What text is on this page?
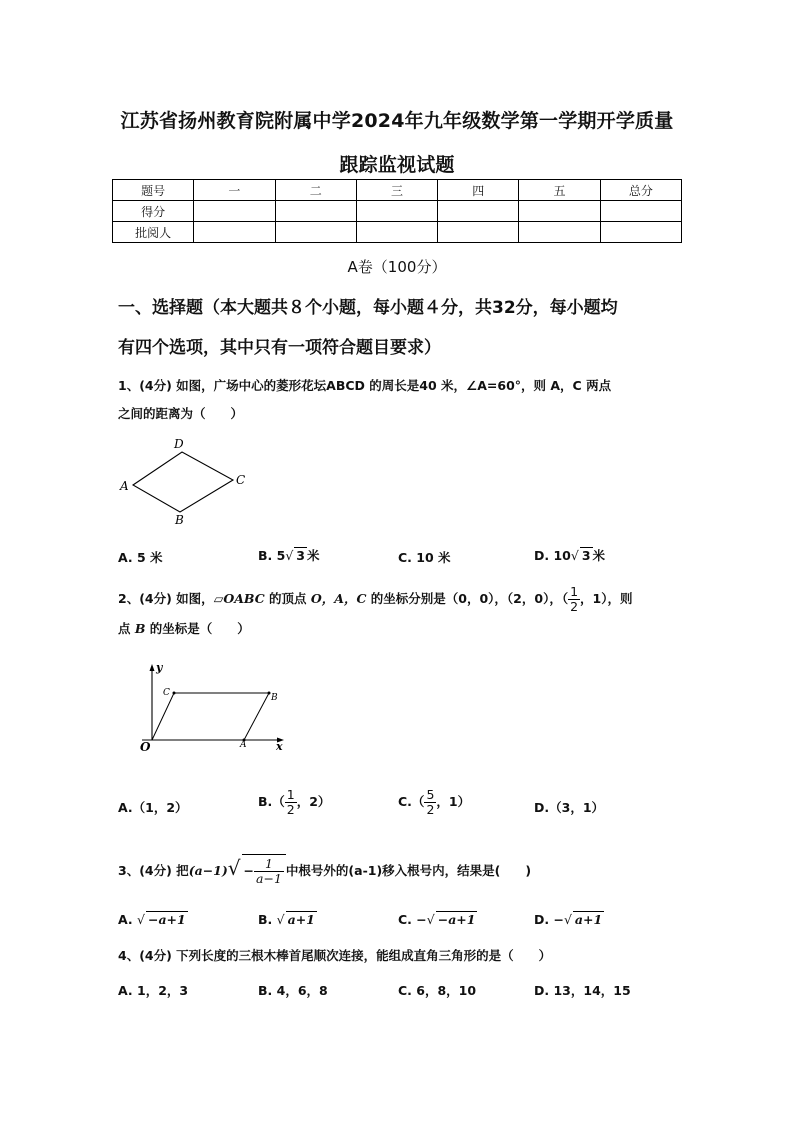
江苏省扬州教育院附属中学2024年九年级数学第一学期开学质量
跟踪监视试题
题号	一	二	三	四	五	总分
得分						
批阅人						
A卷（100分）
一、选择题（本大题共８个小题，每小题４分，共32分，每小题均
有四个选项，其中只有一项符合题目要求）
1、(4分) 如图，广场中心的菱形花坛ABCD 的周长是40 米，∠A=60°，则 A，C 两点
之间的距离为（　　）
D
A	C
B
A. 5 米	B. 5√ 3 米	C. 10 米	D. 10√ 3 米
2、(4分) 如图，▱OABC 的顶点 O，A，C 的坐标分别是（0，0），（2，0），（ $\frac{1}{2}$ ，1），则
点 B 的坐标是（　　）
y
x
O	A
B
C
A.（1，2）	$B.( \frac{1}{2}$ ，2）	$C.( \frac{5}{2}$ ，1）	D.（3，1）
3、(4分) 把$(a-1)√ - \frac{1}{a-1}$ 中根号外的(a-1)移入根号内，结果是(　　)
A. √ −a+1	B. √ a+1	C. −√ −a+1	D. −√ a+1
4、(4分) 下列长度的三根木棒首尾顺次连接，能组成直角三角形的是（　　）
A. 1，2，3	B. 4，6，8	C. 6，8，10	D. 13，14，15
